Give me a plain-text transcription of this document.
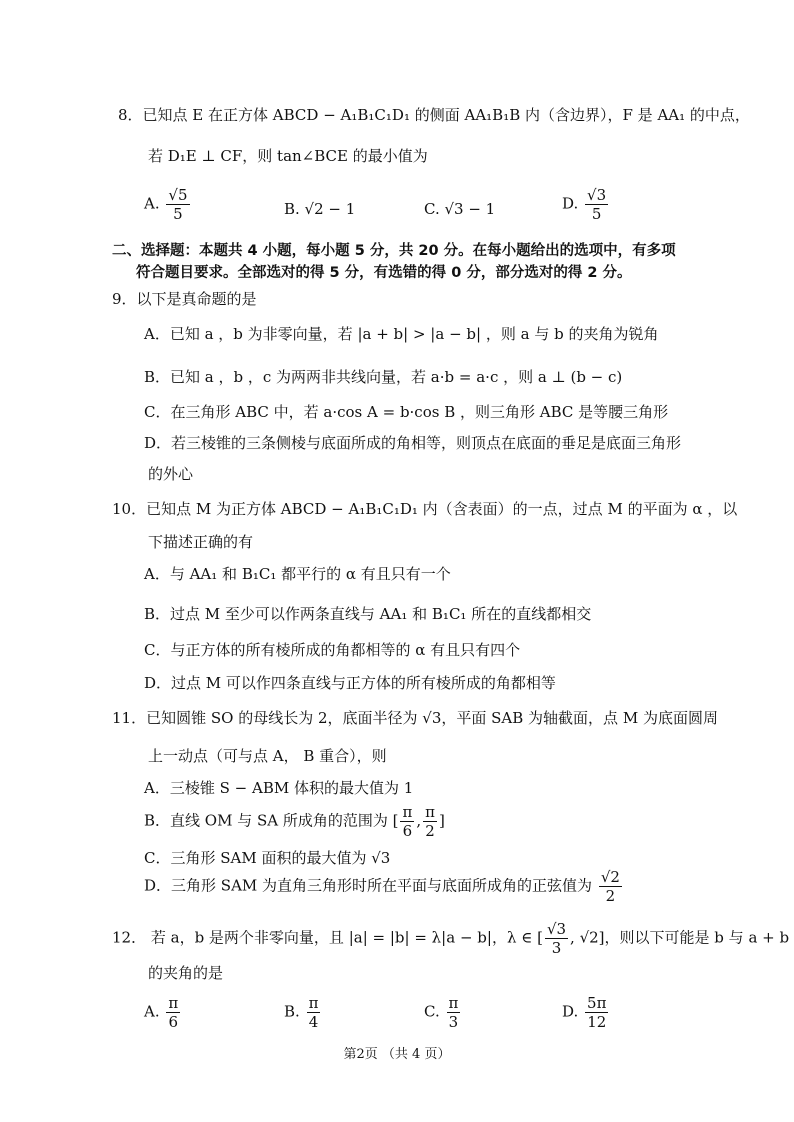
8．已知点 E 在正方体 ABCD − A₁B₁C₁D₁ 的侧面 AA₁B₁B 内（含边界），F 是 AA₁ 的中点，
若 D₁E ⊥ CF，则 tan∠BCE 的最小值为
A. $\frac{√5}{5}$	B. √2 − 1	C. √3 − 1	D. $\frac{√3}{5}$
二、选择题：本题共 4 小题，每小题 5 分，共 20 分。在每小题给出的选项中，有多项
符合题目要求。全部选对的得 5 分，有选错的得 0 分，部分选对的得 2 分。
9．以下是真命题的是
A．已知 a ，b 为非零向量，若 |a + b| > |a − b| ，则 a 与 b 的夹角为锐角
B．已知 a ，b ，c 为两两非共线向量，若 a·b = a·c ，则 a ⊥ (b − c)
C．在三角形 ABC 中，若 a·cos A = b·cos B ，则三角形 ABC 是等腰三角形
D．若三棱锥的三条侧棱与底面所成的角相等，则顶点在底面的垂足是底面三角形
的外心
10．已知点 M 为正方体 ABCD − A₁B₁C₁D₁ 内（含表面）的一点，过点 M 的平面为 α ，以
下描述正确的有
A．与 AA₁ 和 B₁C₁ 都平行的 α 有且只有一个
B．过点 M 至少可以作两条直线与 AA₁ 和 B₁C₁ 所在的直线都相交
C．与正方体的所有棱所成的角都相等的 α 有且只有四个
D．过点 M 可以作四条直线与正方体的所有棱所成的角都相等
11．已知圆锥 SO 的母线长为 2，底面半径为 √3，平面 SAB 为轴截面，点 M 为底面圆周
上一动点（可与点 A， B 重合），则
A．三棱锥 S − ABM 体积的最大值为 1
B．直线 OM 与 SA 所成角的范围为 [ $\frac{\pi}{6}$ , $\frac{\pi}{2}$ ]
C．三角形 SAM 面积的最大值为 √3
D．三角形 SAM 为直角三角形时所在平面与底面所成角的正弦值为 $\frac{√2}{2}$
12． 若 a，b 是两个非零向量，且 |a| = |b| = λ|a − b|，λ ∈ [ $\frac{√3}{3}$ , √2]，则以下可能是 b 与 a + b
的夹角的是
A. $\frac{\pi}{6}$	B. $\frac{\pi}{4}$	C. $\frac{\pi}{3}$	D. $\frac{5\pi}{12}$
第2页 （共 4 页）
